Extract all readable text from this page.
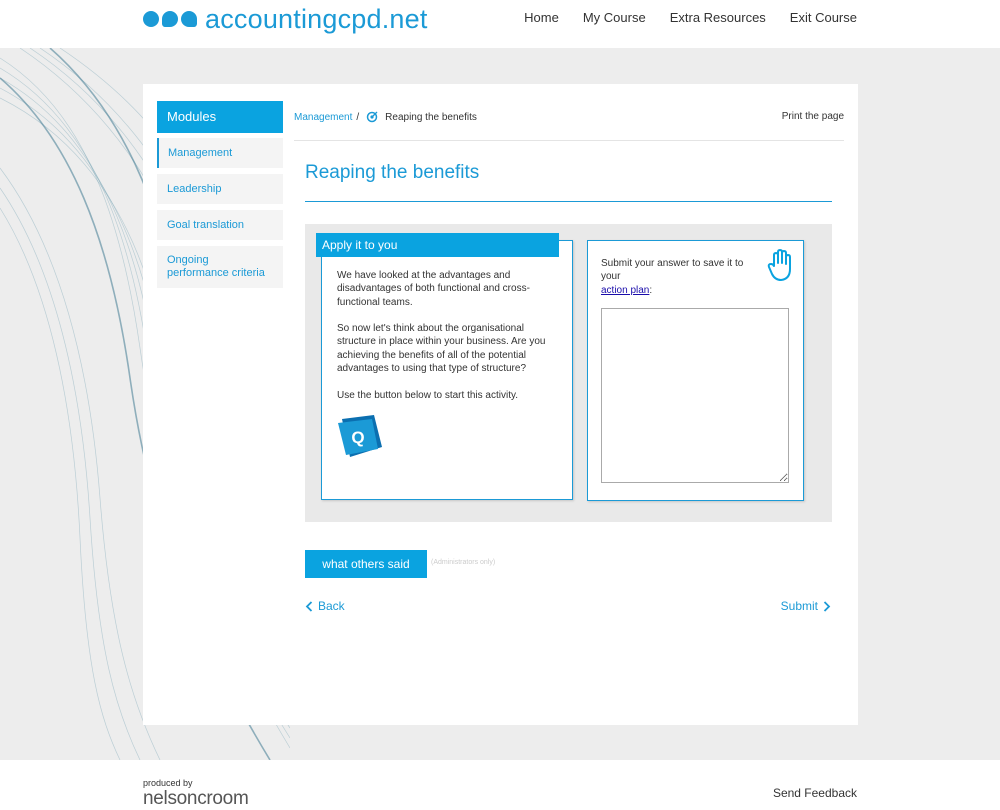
accountingcpd.net	Home My Course Extra Resources Exit Course
Modules
Management
Leadership
Goal translation
Ongoing performance criteria
Management /	Reaping the benefits	Print the page
Reaping the benefits
Apply it to you

We have looked at the advantages and disadvantages of both functional and cross-functional teams.

So now let's think about the organisational structure in place within your business. Are you achieving the benefits of all of the potential advantages to using that type of structure?

Use the button below to start this activity.

Q
Submit your answer to save it to your
action plan:
what others said	(Administrators only)
Back	Submit
produced by
nelsoncroom	Send Feedback
